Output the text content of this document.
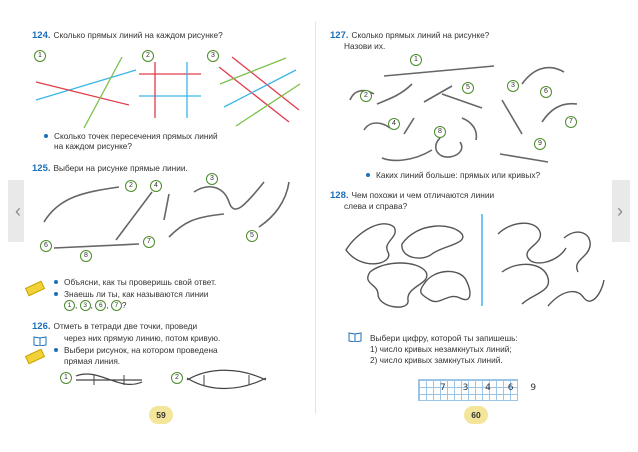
‹	›
124. Сколько прямых линий на каждом рисунке?
1	2	3
Сколько точек пересечения прямых линий
на каждом рисунке?
125. Выбери на рисунке прямые линии.
2
3
4
5
6
7
8
Объясни, как ты проверишь свой ответ.
Знаешь ли ты, как называются линии
1 , 3 , 6 , 7 ?
126. Отметь в тетради две точки, проведи
через них прямую линию, потом кривую.
Выбери рисунок, на котором проведена
прямая линия.
1	2
59
127. Сколько прямых линий на рисунке?
Назови их.
1
2
3
4
5
6
7
8
9
Каких линий больше: прямых или кривых?
128. Чем похожи и чем отличаются линии
слева и справа?
Выбери цифру, которой ты запишешь:
1) число кривых незамкнутых линий;
2) число кривых замкнутых линий.
7 3 4 6 9
60
